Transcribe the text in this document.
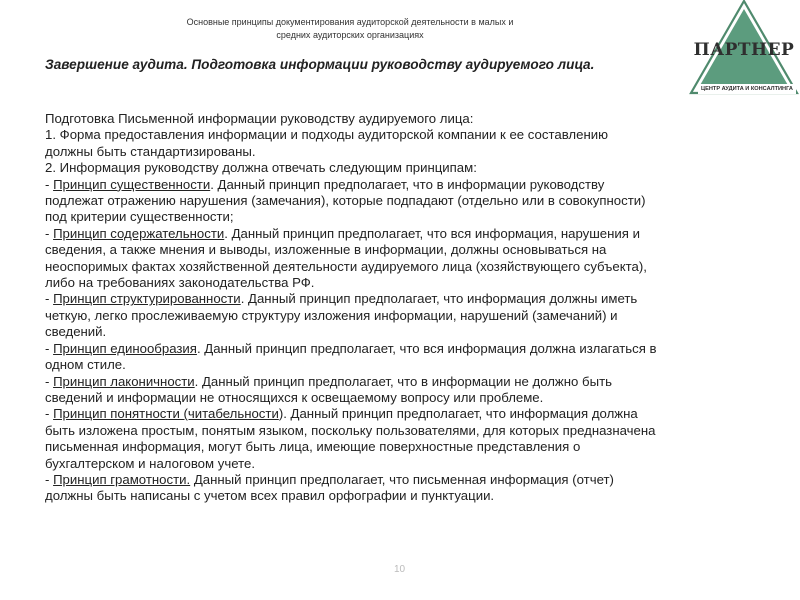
Основные принципы документирования аудиторской деятельности в малых и
средних аудиторских организациях
ПАРТНЕР
ЦЕНТР АУДИТА И КОНСАЛТИНГА
Завершение аудита. Подготовка информации руководству аудируемого лица.

Подготовка Письменной информации руководству аудируемого лица:

1. Форма предоставления информации и подходы аудиторской компании к ее составлению должны быть стандартизированы.

2. Информация руководству должна отвечать следующим принципам:

- Принцип существенности. Данный принцип предполагает, что в информации руководству подлежат отражению нарушения (замечания), которые подпадают (отдельно или в совокупности) под критерии существенности;

- Принцип содержательности. Данный принцип предполагает, что вся информация, нарушения и сведения, а также мнения и выводы, изложенные в информации, должны основываться на неоспоримых фактах хозяйственной деятельности аудируемого лица (хозяйствующего субъекта), либо на требованиях законодательства РФ.

- Принцип структурированности. Данный принцип предполагает, что информация должны иметь четкую, легко прослеживаемую структуру изложения информации, нарушений (замечаний) и сведений.

- Принцип единообразия. Данный принцип предполагает, что вся информация должна излагаться в одном стиле.

- Принцип лаконичности. Данный принцип предполагает, что в информации не должно быть сведений и информации не относящихся к освещаемому вопросу или проблеме.

- Принцип понятности (читабельности). Данный принцип предполагает, что информация должна быть изложена простым, понятым языком, поскольку пользователями, для которых предназначена письменная информация, могут быть лица, имеющие поверхностные представления о бухгалтерском и налоговом учете.

- Принцип грамотности. Данный принцип предполагает, что письменная информация (отчет) должны быть написаны с учетом всех правил орфографии и пунктуации.

10
